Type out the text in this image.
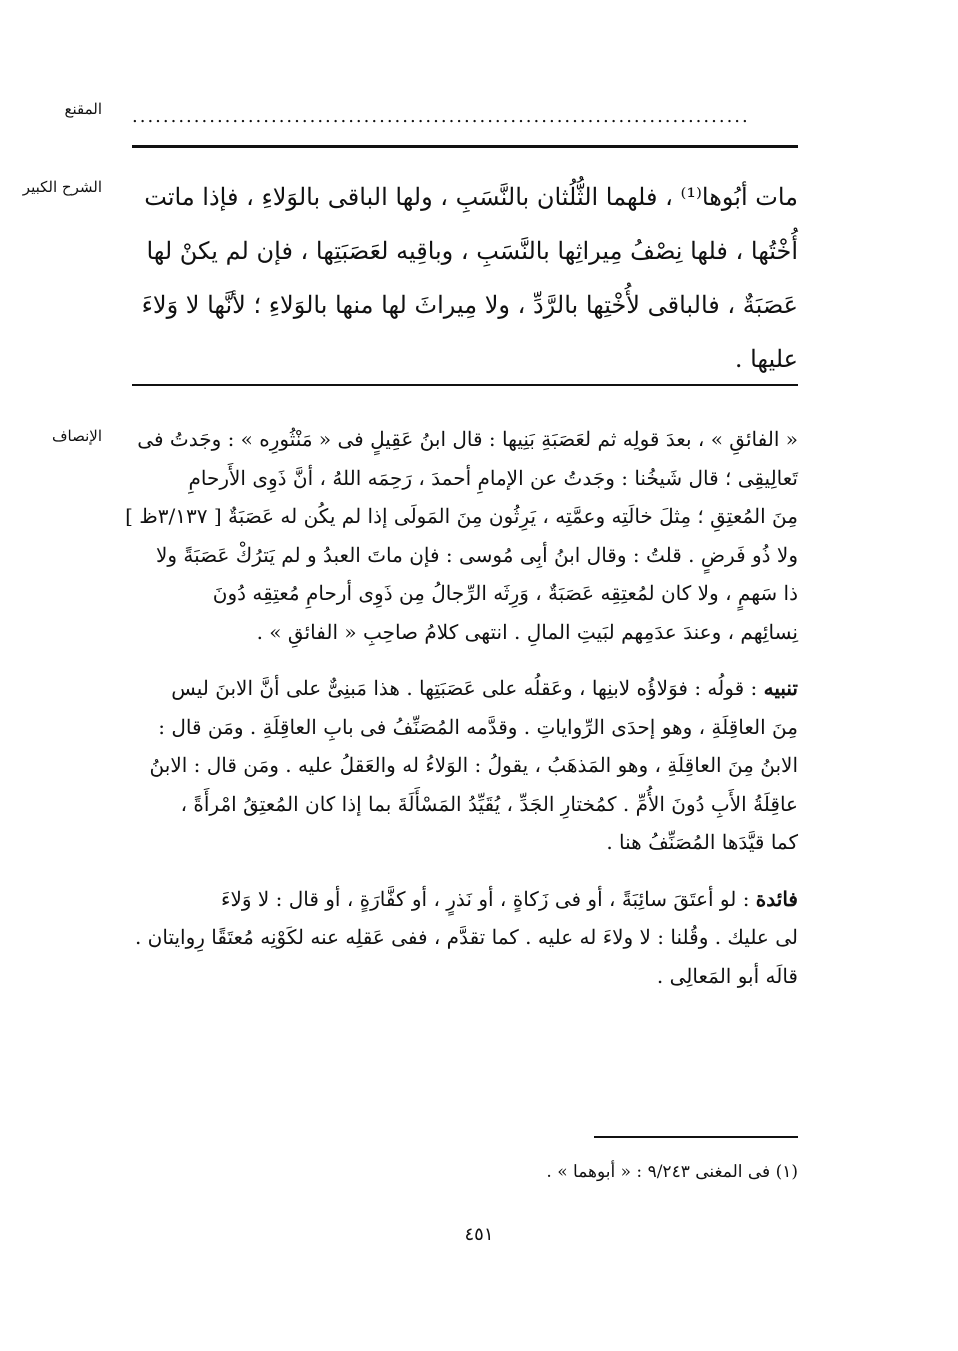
المقنع ................................................................................
الشرح الكبير	مات أبُوها⁽¹⁾ ، فلهما الثُّلُثان بالنَّسَبِ ، ولها الباقى بالوَلاءِ ، فإذا ماتت
أُخْتُها ، فلها نِصْفُ مِيراثِها بالنَّسَبِ ، وباقِيه لعَصَبَتِها ، فإن لم يكنْ لها
عَصَبَةٌ ، فالباقى لأُخْتِها بالرَّدِّ ، ولا مِيراثَ لها منها بالوَلاءِ ؛ لأنَّها لا وَلاءَ
عليها .
الإنصاف « الفائقِ » ، بعدَ قولِه ثم لعَصَبَةِ بَنِيها : قال ابنُ عَقِيلٍ فى « مَنْثُورِه » : وجَدتُ فى
تَعالِيقِى ؛ قال شَيخُنا : وجَدتُ عن الإمامِ أحمدَ ، رَحِمَه اللهُ ، أنَّ ذَوِى الأَرحامِ
مِنَ المُعتِقِ ؛ مِثلَ خالَتِه وعمَّتِه ، يَرِثُون مِنَ المَولَى إذا لم يكُن له عَصَبَةٌ [ ٣/١٣٧ظ ]
ولا ذُو فَرضٍ . قلتُ : وقال ابنُ أبِى مُوسى : فإن ماتَ العبدُ و لم يَترُكْ عَصَبَةً ولا
ذا سَهمٍ ، ولا كان لمُعتِقِه عَصَبَةٌ ، وَرِثَه الرِّجالُ مِن ذَوِى أرحامِ مُعتِقِه دُونَ
نِسائِهم ، وعندَ عدَمِهم لبَيتِ المالِ . انتهى كلامُ صاحِبِ « الفائقِ » .
تنبيه : قولُه : فوَلاؤُه لابنِها ، وعَقلُه على عَصَبَتِها . هذا مَبنِىٌّ على أنَّ الابنَ ليس
مِنَ العاقِلَةِ ، وهو إحدَى الرِّواياتِ . وقدَّمه المُصَنِّفُ فى بابِ العاقِلَةِ . ومَن قال :
الابنُ مِنَ العاقِلَةِ ، وهو المَذهَبُ ، يقولُ : الوَلاءُ له والعَقلُ عليه . ومَن قال : الابنُ
عاقِلَةُ الأَبِ دُونَ الأُمِّ . كمُختارِ الجَدِّ ، يُقَيِّدُ المَسْأَلَةَ بما إذا كان المُعتِقُ امْرأَةً ،
كما قيَّدَها المُصَنِّفُ هنا .
فائدة : لو أعتَقَ سائِبَةً ، أو فى زَكاةٍ ، أو نَذرٍ ، أو كفَّارَةٍ ، أو قال : لا وَلاءَ
لى عليك . وقُلنا : لا ولاءَ له عليه . كما تقدَّم ، ففى عَقلِه عنه لكَوْنِه مُعتَقًا رِوايتان .
قالَه أبو المَعالِى .
(١) فى المغنى ٩/٢٤٣ : « أبوهما » .
٤٥١
